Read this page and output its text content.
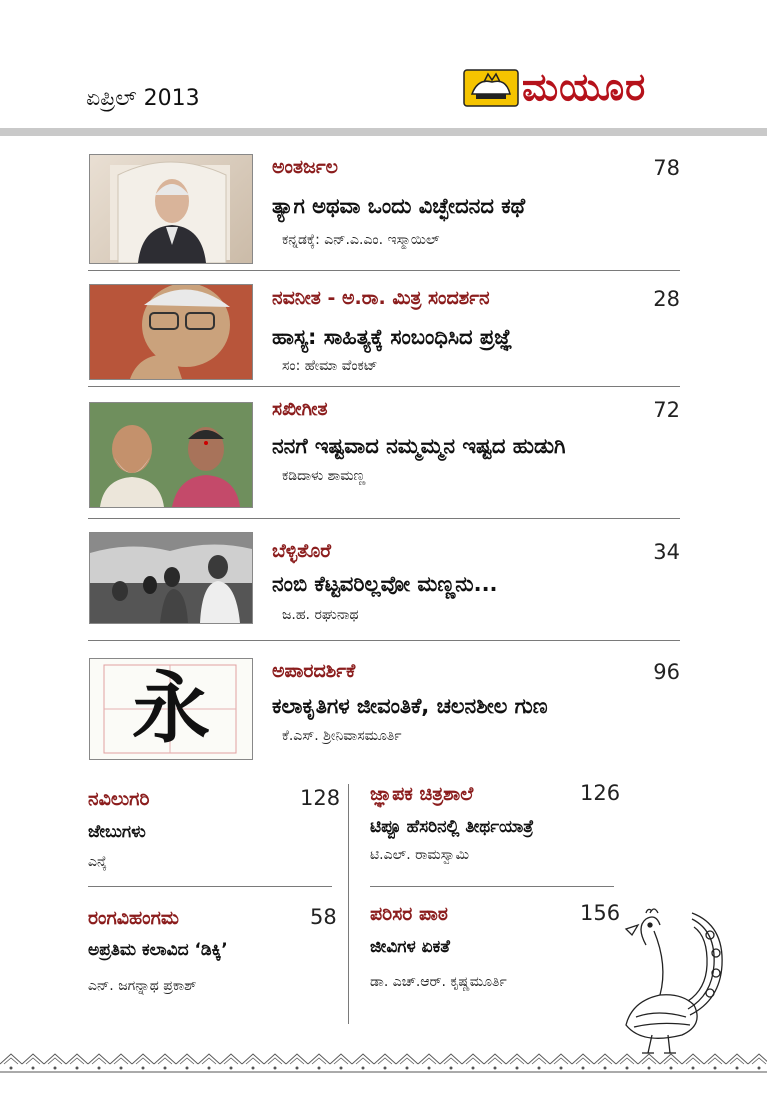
ಏಪ್ರಿಲ್ 2013	ಮಯೂರ
ಅಂತರ್ಜಲ	78
ತ್ಯಾಗ ಅಥವಾ ಒಂದು ವಿಚ್ಛೇದನದ ಕಥೆ
ಕನ್ನಡಕ್ಕೆ: ಎನ್.ಎ.ಎಂ. ಇಸ್ಮಾಯಿಲ್
ನವನೀತ - ಅ.ರಾ. ಮಿತ್ರ ಸಂದರ್ಶನ	28
ಹಾಸ್ಯ: ಸಾಹಿತ್ಯಕ್ಕೆ ಸಂಬಂಧಿಸಿದ ಪ್ರಜ್ಞೆ
ಸಂ: ಹೇಮಾ ವೆಂಕಟ್
ಸಖೀಗೀತ	72
ನನಗೆ ಇಷ್ಟವಾದ ನಮ್ಮಮ್ಮನ ಇಷ್ಟದ ಹುಡುಗಿ
ಕಡಿದಾಳು ಶಾಮಣ್ಣ
ಬೆಳ್ಳಿತೊರೆ	34
ನಂಬಿ ಕೆಟ್ಟವರಿಲ್ಲವೋ ಮಣ್ಣನು...
ಜ.ಹ. ರಘುನಾಥ
永	ಅಪಾರದರ್ಶಿಕೆ	96
ಕಲಾಕೃತಿಗಳ ಜೀವಂತಿಕೆ, ಚಲನಶೀಲ ಗುಣ
ಕೆ.ಎಸ್. ಶ್ರೀನಿವಾಸಮೂರ್ತಿ
ನವಿಲುಗರಿ	128
ಜೇಬುಗಳು
ಎನ್ಕೆ
ಜ್ಞಾಪಕ ಚಿತ್ರಶಾಲೆ	126
ಟಿಪ್ಪೂ ಹೆಸರಿನಲ್ಲಿ ತೀರ್ಥಯಾತ್ರೆ
ಟಿ.ಎಲ್. ರಾಮಸ್ವಾಮಿ
ರಂಗವಿಹಂಗಮ	58
ಅಪ್ರತಿಮ ಕಲಾವಿದ ‘ಡಿಕ್ಕಿ’
ಎನ್. ಜಗನ್ನಾಥ ಪ್ರಕಾಶ್
ಪರಿಸರ ಪಾಠ	156
ಜೀವಿಗಳ ಏಕತೆ
ಡಾ. ಎಚ್.ಆರ್. ಕೃಷ್ಣಮೂರ್ತಿ
